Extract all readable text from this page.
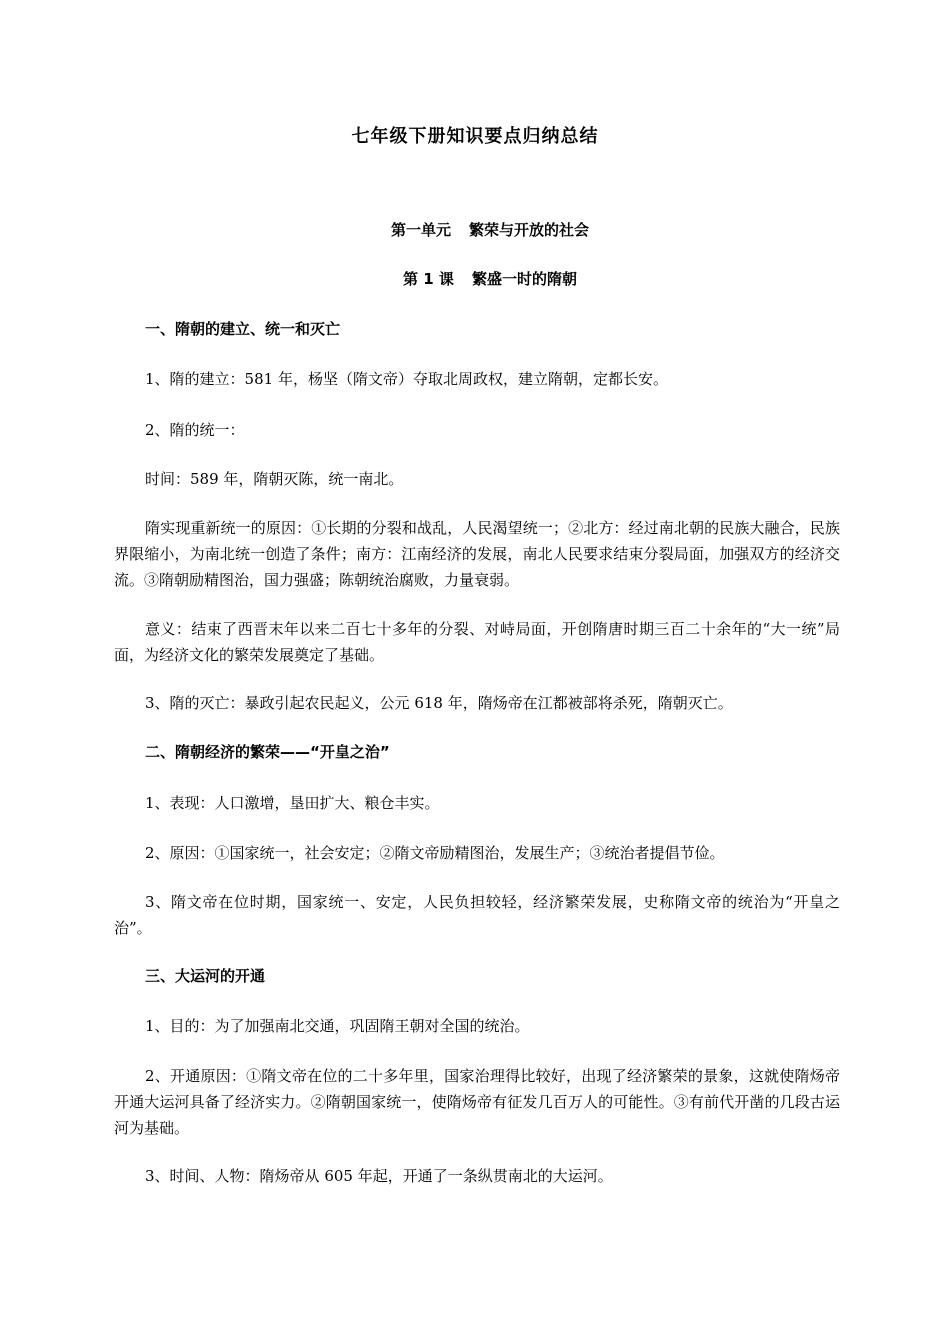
七年级下册知识要点归纳总结
第一单元 繁荣与开放的社会
第 1 课 繁盛一时的隋朝
一、隋朝的建立、统一和灭亡

1、隋的建立：581 年，杨坚（隋文帝）夺取北周政权，建立隋朝，定都长安。

2、隋的统一：

时间：589 年，隋朝灭陈，统一南北。

隋实现重新统一的原因：①长期的分裂和战乱，人民渴望统一；②北方：经过南北朝的民族大融合，民族界限缩小，为南北统一创造了条件；南方：江南经济的发展，南北人民要求结束分裂局面，加强双方的经济交流。③隋朝励精图治，国力强盛；陈朝统治腐败，力量衰弱。

意义：结束了西晋末年以来二百七十多年的分裂、对峙局面，开创隋唐时期三百二十余年的“大一统”局面，为经济文化的繁荣发展奠定了基础。

3、隋的灭亡：暴政引起农民起义，公元 618 年，隋炀帝在江都被部将杀死，隋朝灭亡。

二、隋朝经济的繁荣——“开皇之治”

1、表现：人口激增，垦田扩大、粮仓丰实。

2、原因：①国家统一，社会安定；②隋文帝励精图治，发展生产；③统治者提倡节俭。

3、隋文帝在位时期，国家统一、安定，人民负担较轻，经济繁荣发展，史称隋文帝的统治为“开皇之治”。

三、大运河的开通

1、目的：为了加强南北交通，巩固隋王朝对全国的统治。

2、开通原因：①隋文帝在位的二十多年里，国家治理得比较好，出现了经济繁荣的景象，这就使隋炀帝开通大运河具备了经济实力。②隋朝国家统一，使隋炀帝有征发几百万人的可能性。③有前代开凿的几段古运河为基础。

3、时间、人物：隋炀帝从 605 年起，开通了一条纵贯南北的大运河。
